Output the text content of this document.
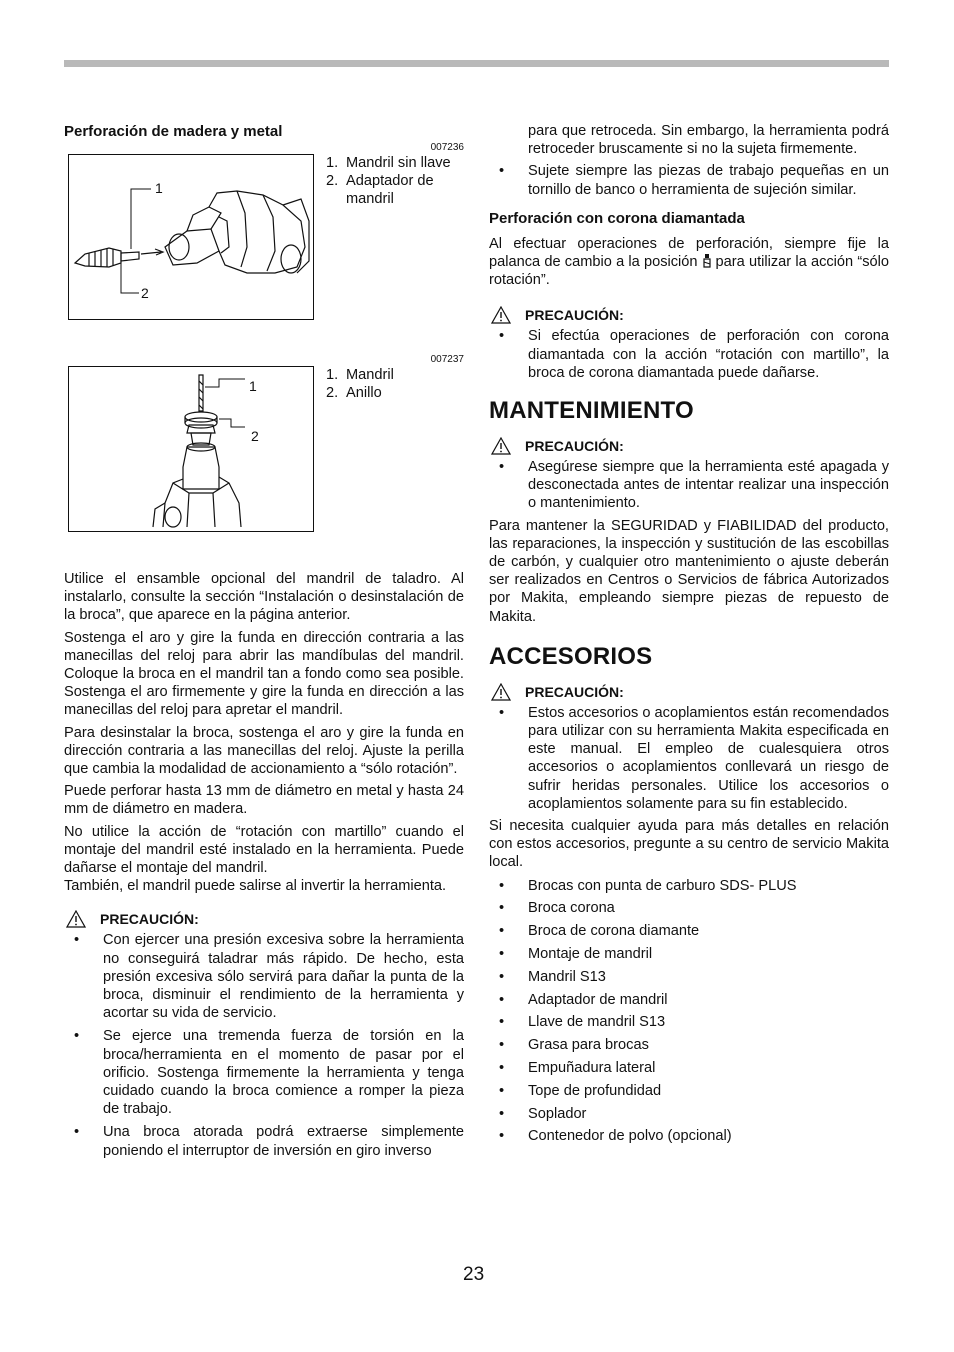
Perforación de madera y metal
007236
1
2
1. Mandril sin llave
2. Adaptador de mandril
007237
1
2
1. Mandril
2. Anillo

Utilice el ensamble opcional del mandril de taladro. Al instalarlo, consulte la sección “Instalación o desinstalación de la broca”, que aparece en la página anterior.

Sostenga el aro y gire la funda en dirección contraria a las manecillas del reloj para abrir las mandíbulas del mandril. Coloque la broca en el mandril tan a fondo como sea posible. Sostenga el aro firmemente y gire la funda en dirección a las manecillas del reloj para apretar el mandril.

Para desinstalar la broca, sostenga el aro y gire la funda en dirección contraria a las manecillas del reloj. Ajuste la perilla que cambia la modalidad de accionamiento a “sólo rotación”.

Puede perforar hasta 13 mm de diámetro en metal y hasta 24 mm de diámetro en madera.

No utilice la acción de “rotación con martillo” cuando el montaje del mandril esté instalado en la herramienta. Puede dañarse el montaje del mandril.

También, el mandril puede salirse al invertir la herramienta.

PRECAUCIÓN:
• Con ejercer una presión excesiva sobre la herramienta no conseguirá taladrar más rápido. De hecho, esta presión excesiva sólo servirá para dañar la punta de la broca, disminuir el rendimiento de la herramienta y acortar su vida de servicio.
• Se ejerce una tremenda fuerza de torsión en la broca/herramienta en el momento de pasar por el orificio. Sostenga firmemente la herramienta y tenga cuidado cuando la broca comience a romper la pieza de trabajo.
• Una broca atorada podrá extraerse simplemente poniendo el interruptor de inversión en giro inverso
para que retroceda. Sin embargo, la herramienta podrá retroceder bruscamente si no la sujeta firmemente.
• Sujete siempre las piezas de trabajo pequeñas en un tornillo de banco o herramienta de sujeción similar.
Perforación con corona diamantada

Al efectuar operaciones de perforación, siempre fije la palanca de cambio a la posición para utilizar la acción “sólo rotación”.

PRECAUCIÓN:
• Si efectúa operaciones de perforación con corona diamantada con la acción “rotación con martillo”, la broca de corona diamantada puede dañarse.
MANTENIMIENTO
PRECAUCIÓN:
• Asegúrese siempre que la herramienta esté apagada y desconectada antes de intentar realizar una inspección o mantenimiento.

Para mantener la SEGURIDAD y FIABILIDAD del producto, las reparaciones, la inspección y sustitución de las escobillas de carbón, y cualquier otro mantenimiento o ajuste deberán ser realizados en Centros o Servicios de fábrica Autorizados por Makita, empleando siempre piezas de repuesto de Makita.

ACCESORIOS
PRECAUCIÓN:
• Estos accesorios o acoplamientos están recomendados para utilizar con su herramienta Makita especificada en este manual. El empleo de cualesquiera otros accesorios o acoplamientos conllevará un riesgo de sufrir heridas personales. Utilice los accesorios o acoplamientos solamente para su fin establecido.

Si necesita cualquier ayuda para más detalles en relación con estos accesorios, pregunte a su centro de servicio Makita local.

• Brocas con punta de carburo SDS- PLUS
• Broca corona
• Broca de corona diamante
• Montaje de mandril
• Mandril S13
• Adaptador de mandril
• Llave de mandril S13
• Grasa para brocas
• Empuñadura lateral
• Tope de profundidad
• Soplador
• Contenedor de polvo (opcional)
23
